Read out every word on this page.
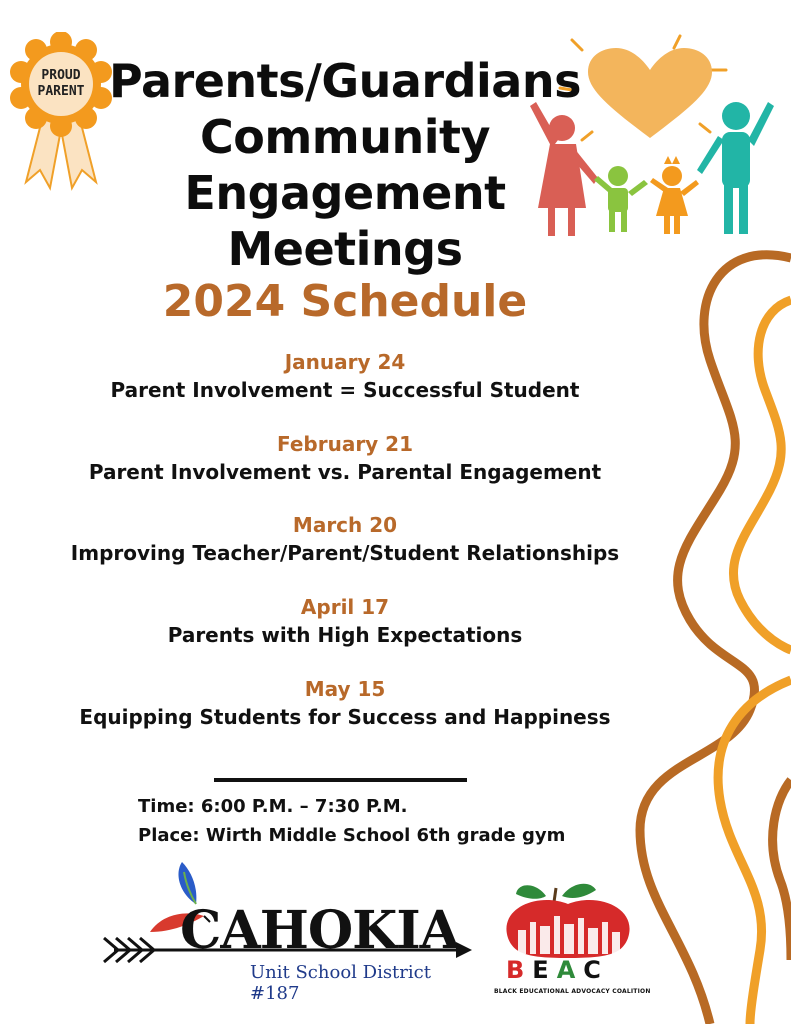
PROUD
PARENT Parents/Guardians
Community
Engagement
Meetings
2024 Schedule
January 24
Parent Involvement = Successful Student
February 21
Parent Involvement vs. Parental Engagement
March 20
Improving Teacher/Parent/Student Relationships
April 17
Parents with High Expectations
May 15
Equipping Students for Success and Happiness
Time: 6:00 P.M. – 7:30 P.M.
Place: Wirth Middle School 6th grade gym
CAHOKIA
Unit School District #187
BEAC
BLACK EDUCATIONAL ADVOCACY COALITION
